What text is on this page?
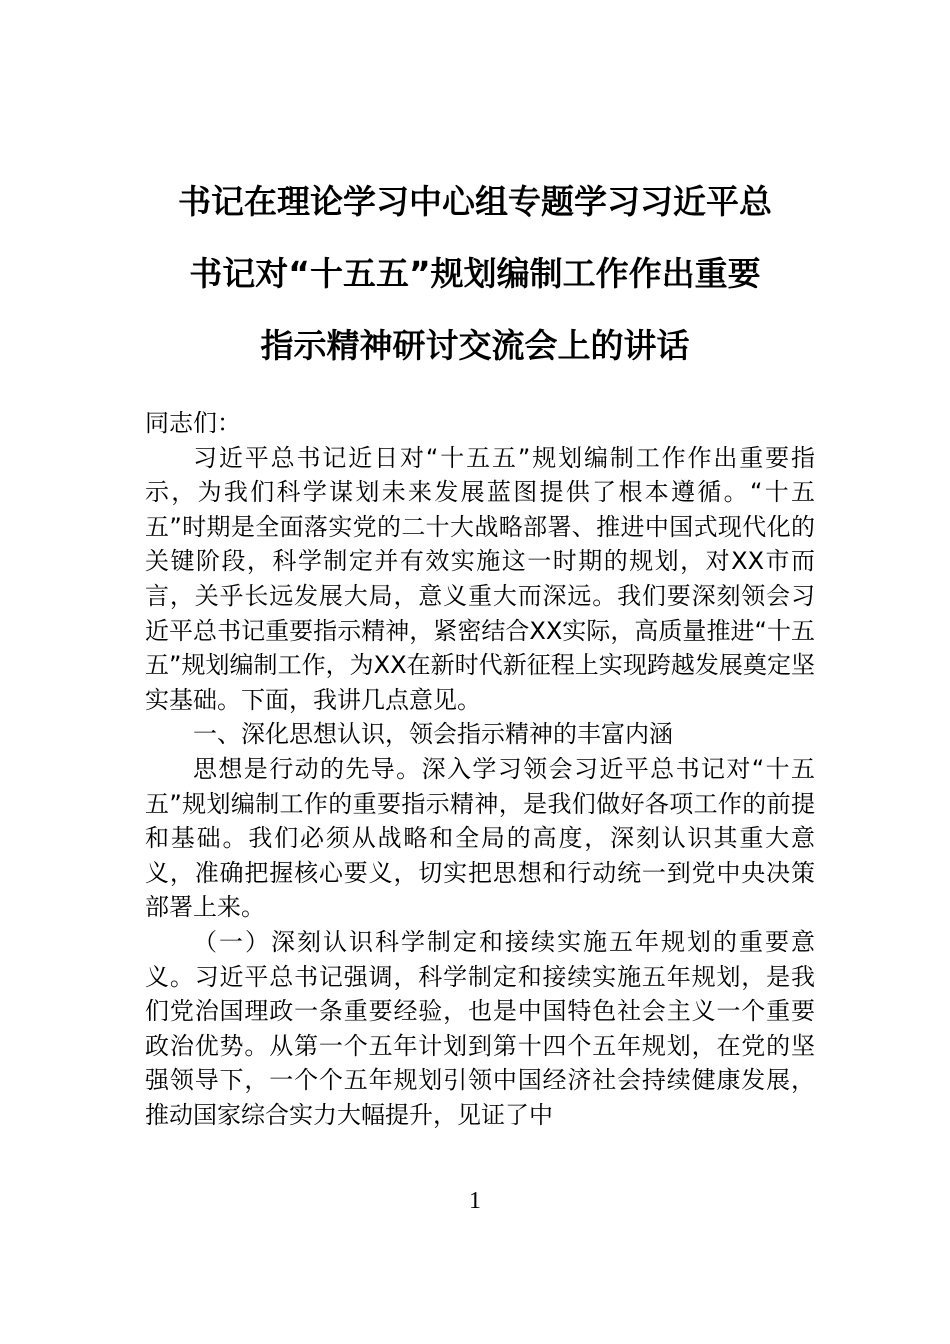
书记在理论学习中心组专题学习习近平总
书记对“十五五”规划编制工作作出重要
指示精神研讨交流会上的讲话

同志们：

习近平总书记近日对“十五五”规划编制工作作出重要指示，为我们科学谋划未来发展蓝图提供了根本遵循。“十五五”时期是全面落实党的二十大战略部署、推进中国式现代化的关键阶段，科学制定并有效实施这一时期的规划，对XX市而言，关乎长远发展大局，意义重大而深远。我们要深刻领会习近平总书记重要指示精神，紧密结合XX实际，高质量推进“十五五”规划编制工作，为XX在新时代新征程上实现跨越发展奠定坚实基础。下面，我讲几点意见。

一、深化思想认识，领会指示精神的丰富内涵

思想是行动的先导。深入学习领会习近平总书记对“十五五”规划编制工作的重要指示精神，是我们做好各项工作的前提和基础。我们必须从战略和全局的高度，深刻认识其重大意义，准确把握核心要义，切实把思想和行动统一到党中央决策部署上来。

（一）深刻认识科学制定和接续实施五年规划的重要意义。习近平总书记强调，科学制定和接续实施五年规划，是我们党治国理政一条重要经验，也是中国特色社会主义一个重要政治优势。从第一个五年计划到第十四个五年规划，在党的坚强领导下，一个个五年规划引领中国经济社会持续健康发展，推动国家综合实力大幅提升，见证了中

1
